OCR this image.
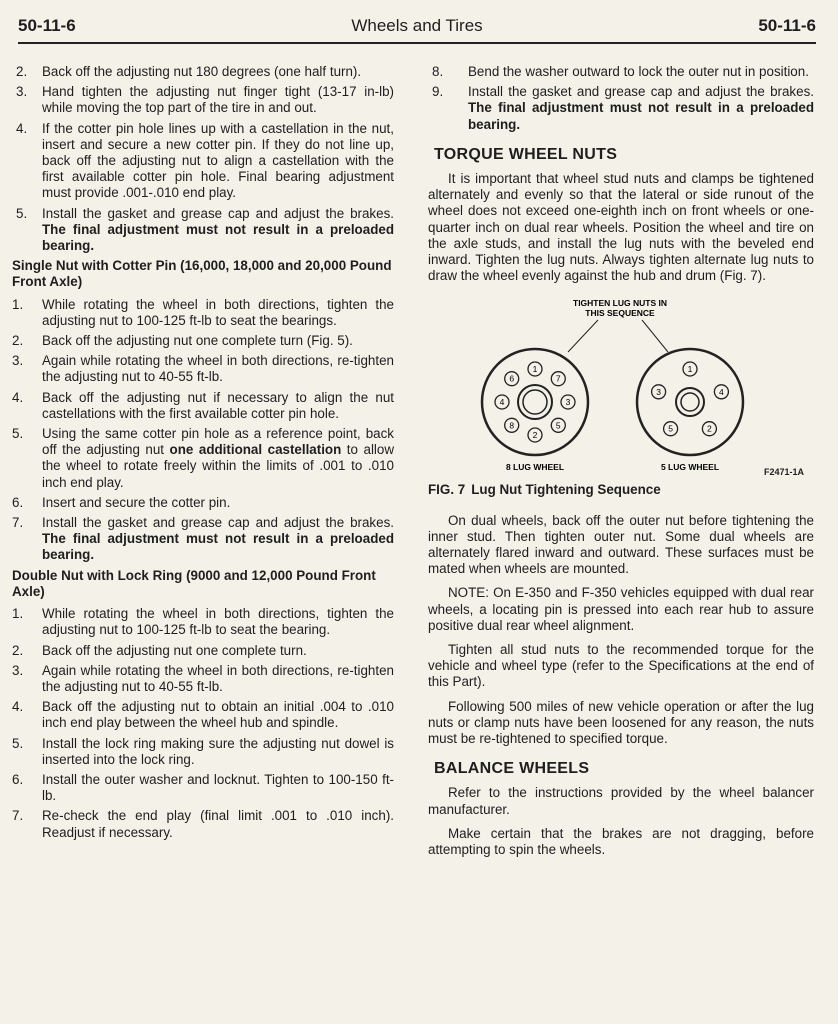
50-11-6	Wheels and Tires	50-11-6
2.	Back off the adjusting nut 180 degrees (one half turn).
3.	Hand tighten the adjusting nut finger tight (13-17 in-lb) while moving the top part of the tire in and out.
4.	If the cotter pin hole lines up with a castellation in the nut, insert and secure a new cotter pin. If they do not line up, back off the adjusting nut to align a castellation with the first available cotter pin hole. Final bearing adjustment must provide .001-.010 end play.
5.	Install the gasket and grease cap and adjust the brakes. The final adjustment must not result in a preloaded bearing.
Single Nut with Cotter Pin (16,000, 18,000 and 20,000 Pound Front Axle)
1.	While rotating the wheel in both directions, tighten the adjusting nut to 100-125 ft-lb to seat the bearings.
2.	Back off the adjusting nut one complete turn (Fig. 5).
3.	Again while rotating the wheel in both directions, re-tighten the adjusting nut to 40-55 ft-lb.
4.	Back off the adjusting nut if necessary to align the nut castellations with the first available cotter pin hole.
5.	Using the same cotter pin hole as a reference point, back off the adjusting nut one additional castellation to allow the wheel to rotate freely within the limits of .001 to .010 inch end play.
6.	Insert and secure the cotter pin.
7.	Install the gasket and grease cap and adjust the brakes. The final adjustment must not result in a preloaded bearing.
Double Nut with Lock Ring (9000 and 12,000 Pound Front Axle)
1.	While rotating the wheel in both directions, tighten the adjusting nut to 100-125 ft-lb to seat the bearing.
2.	Back off the adjusting nut one complete turn.
3.	Again while rotating the wheel in both directions, re-tighten the adjusting nut to 40-55 ft-lb.
4.	Back off the adjusting nut to obtain an initial .004 to .010 inch end play between the wheel hub and spindle.
5.	Install the lock ring making sure the adjusting nut dowel is inserted into the lock ring.
6.	Install the outer washer and locknut. Tighten to 100-150 ft-lb.
7.	Re-check the end play (final limit .001 to .010 inch). Readjust if necessary.
8.	Bend the washer outward to lock the outer nut in position.
9.	Install the gasket and grease cap and adjust the brakes. The final adjustment must not result in a preloaded bearing.
TORQUE WHEEL NUTS
It is important that wheel stud nuts and clamps be tightened alternately and evenly so that the lateral or side runout of the wheel does not exceed one-eighth inch on front wheels or one-quarter inch on dual rear wheels. Position the wheel and tire on the axle studs, and install the lug nuts with the beveled end inward. Tighten the lug nuts. Always tighten alternate lug nuts to draw the wheel evenly against the hub and drum (Fig. 7).
TIGHTEN LUG NUTS IN
THIS SEQUENCE
1
7
3
5
2
8
4
6
1
4
2
5
3
8 LUG WHEEL	5 LUG WHEEL	F2471-1A
FIG. 7 Lug Nut Tightening Sequence
On dual wheels, back off the outer nut before tightening the inner stud. Then tighten outer nut. Some dual wheels are alternately flared inward and outward. These surfaces must be mated when wheels are mounted.
NOTE: On E-350 and F-350 vehicles equipped with dual rear wheels, a locating pin is pressed into each rear hub to assure positive dual rear wheel alignment.
Tighten all stud nuts to the recommended torque for the vehicle and wheel type (refer to the Specifications at the end of this Part).
Following 500 miles of new vehicle operation or after the lug nuts or clamp nuts have been loosened for any reason, the nuts must be re-tightened to specified torque.
BALANCE WHEELS
Refer to the instructions provided by the wheel balancer manufacturer.
Make certain that the brakes are not dragging, before attempting to spin the wheels.
